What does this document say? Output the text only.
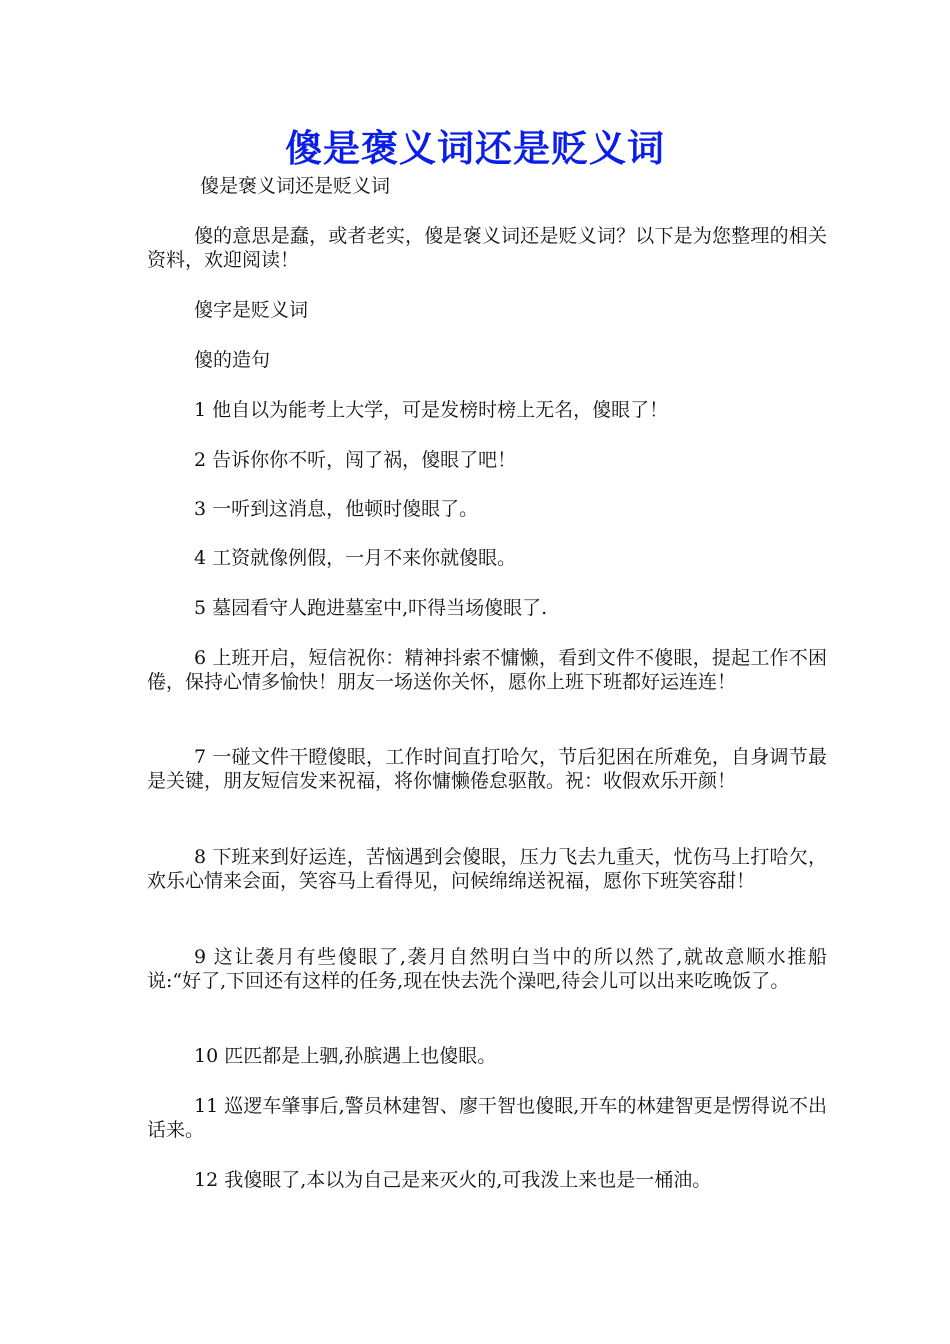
傻是褒义词还是贬义词

傻是褒义词还是贬义词

傻的意思是蠢，或者老实，傻是褒义词还是贬义词？以下是为您整理的相关资料，欢迎阅读！

傻字是贬义词

傻的造句

1 他自以为能考上大学，可是发榜时榜上无名，傻眼了！

2 告诉你你不听，闯了祸，傻眼了吧！

3 一听到这消息，他顿时傻眼了。

4 工资就像例假，一月不来你就傻眼。

5 墓园看守人跑进墓室中,吓得当场傻眼了.

6 上班开启，短信祝你：精神抖索不慵懒，看到文件不傻眼，提起工作不困倦，保持心情多愉快！朋友一场送你关怀，愿你上班下班都好运连连！

7 一碰文件干瞪傻眼，工作时间直打哈欠，节后犯困在所难免，自身调节最是关键，朋友短信发来祝福，将你慵懒倦怠驱散。祝：收假欢乐开颜！

8 下班来到好运连，苦恼遇到会傻眼，压力飞去九重天，忧伤马上打哈欠，欢乐心情来会面，笑容马上看得见，问候绵绵送祝福，愿你下班笑容甜！

9 这让袭月有些傻眼了,袭月自然明白当中的所以然了,就故意顺水推船说:“好了,下回还有这样的任务,现在快去洗个澡吧,待会儿可以出来吃晚饭了。

10 匹匹都是上驷,孙膑遇上也傻眼。

11 巡逻车肇事后,警员林建智、廖干智也傻眼,开车的林建智更是愣得说不出话来。

12 我傻眼了,本以为自己是来灭火的,可我泼上来也是一桶油。
